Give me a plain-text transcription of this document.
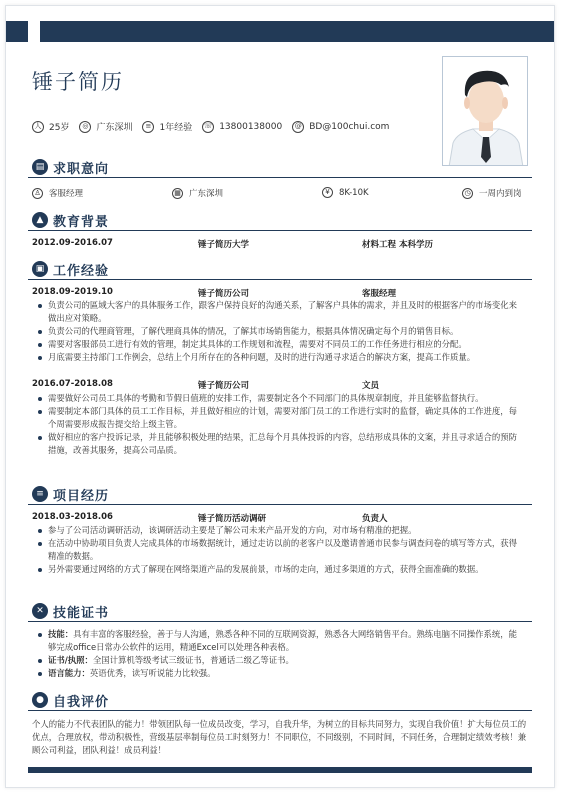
锤子简历
人 25岁	◎ 广东深圳	≡ 1年经验 ☏ 13800138000	@ BD@100chui.com
▤ 求职意向
♙ 客服经理	▦ 广东深圳	¥	8K-10K	◷ 一周内到岗
▲ 教育背景
2012.09-2016.07	锤子简历大学	材料工程 本科学历
▣ 工作经验
2018.09-2019.10	锤子简历公司	客服经理
负责公司的區域大客户的具体服务工作，跟客户保持良好的沟通关系，了解客户具体的需求，并且及时的根据客户的市场变化来做出应对策略。
负责公司的代理商管理，了解代理商具体的情况，了解其市场销售能力，根据具体情况确定每个月的销售目标。
需要对客服部员工进行有效的管理，制定其具体的工作规划和流程，需要对不同员工的工作任务进行相应的分配。
月底需要主持部门工作例会，总结上个月所存在的各种问题，及时的进行沟通寻求适合的解决方案，提高工作质量。
2016.07-2018.08	锤子简历公司	文员
需要做好公司员工具体的考勤和节假日值班的安排工作，需要制定各个不同部门的具体规章制度，并且能够监督执行。
需要制定本部门具体的员工工作目标，并且做好相应的计划，需要对部门员工的工作进行实时的监督，确定具体的工作进度，每个周需要形成报告提交给上级主管。
做好相应的客户投诉记录，并且能够积极处理的结果，汇总每个月具体投诉的内容，总结形成具体的文案，并且寻求适合的预防措施，改善其服务，提高公司品质。
≡ 项目经历
2018.03-2018.06	锤子简历活动调研	负责人
参与了公司活动调研活动，该调研活动主要是了解公司未来产品开发的方向，对市场有精准的把握。
在活动中协助项目负责人完成具体的市场数据统计，通过走访以前的老客户以及邀请普通市民参与调查问卷的填写等方式，获得精准的数据。
另外需要通过网络的方式了解现在网络渠道产品的发展前景，市场的走向，通过多渠道的方式，获得全面准确的数据。
✕ 技能证书
技能：具有丰富的客服经验，善于与人沟通，熟悉各种不同的互联网资源，熟悉各大网络销售平台。熟练电脑不同操作系统，能够完成office日常办公软件的运用，精通Excel可以处理各种表格。
证书/执照：全国计算机等级考试三级证书，普通话二级乙等证书。
语言能力：英语优秀，读写听说能力比较强。
● 自我评价
个人的能力不代表团队的能力！带领团队每一位成员改变，学习，自我升华，为树立的目标共同努力，实现自我价值！扩大每位员工的优点，合理放权，带动积极性，营级基层率制每位员工时刻努力！不同职位，不同级别，不同时间，不同任务，合理制定绩效考核！兼顾公司利益，团队利益！成员利益！
